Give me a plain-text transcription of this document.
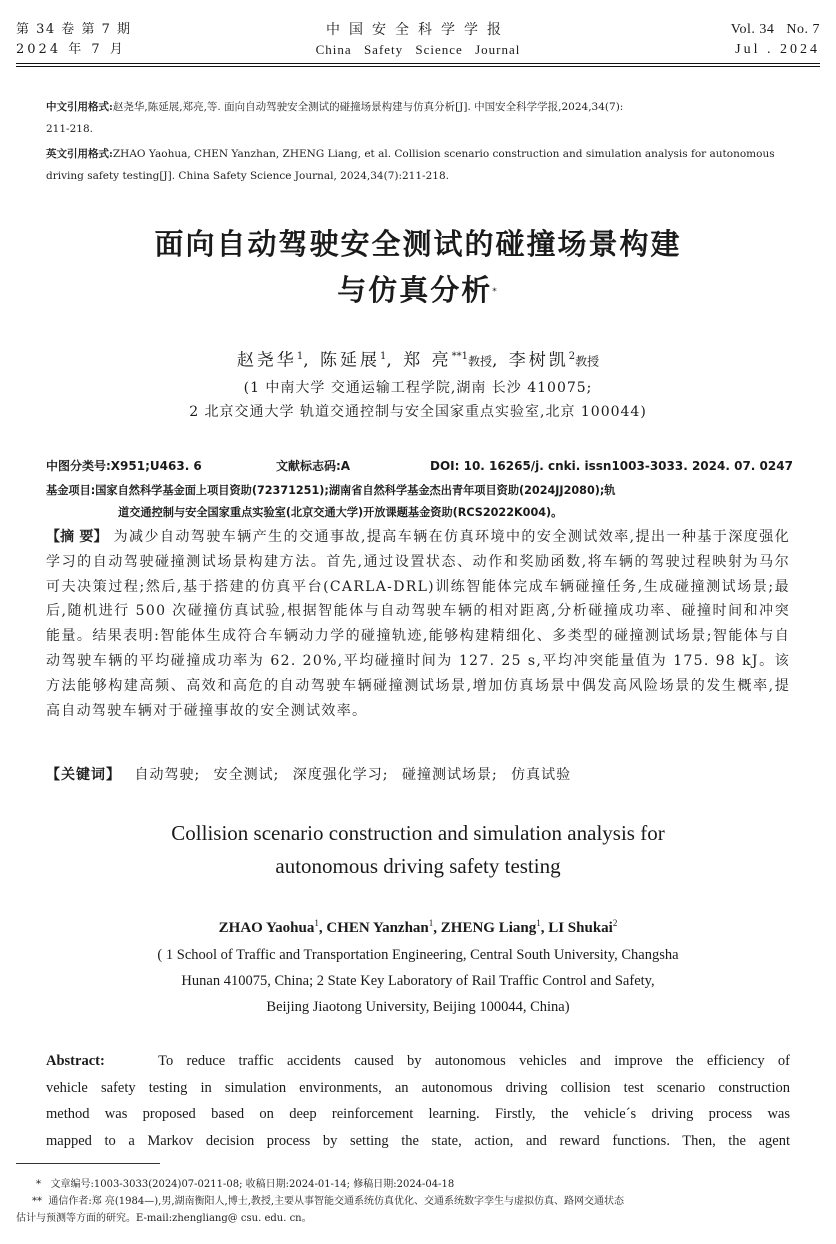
第 34 卷 第 7 期
2024 年 7 月
中国安全科学学报
China Safety Science Journal
Vol. 34   No. 7
Jul . 2024
中文引用格式:赵尧华,陈延展,郑亮,等. 面向自动驾驶安全测试的碰撞场景构建与仿真分析[J]. 中国安全科学学报,2024,34(7):
211-218.
英文引用格式:ZHAO Yaohua, CHEN Yanzhan, ZHENG Liang, et al. Collision scenario construction and simulation analysis for autonomous
driving safety testing[J]. China Safety Science Journal, 2024,34(7):211-218.
面向自动驾驶安全测试的碰撞场景构建
与仿真分析*
赵尧华$^1$, 陈延展$^1$, 郑 亮$^{**1}$教授, 李树凯$^2$教授
(1 中南大学 交通运输工程学院,湖南 长沙 410075;
2 北京交通大学 轨道交通控制与安全国家重点实验室,北京 100044)
中图分类号:X951;U463. 6	文献标志码:A	DOI: 10. 16265/j. cnki. issn1003-3033. 2024. 07. 0247
基金项目:国家自然科学基金面上项目资助(72371251);湖南省自然科学基金杰出青年项目资助(2024JJ2080);轨
道交通控制与安全国家重点实验室(北京交通大学)开放课题基金资助(RCS2022K004)。
【摘 要】 为减少自动驾驶车辆产生的交通事故,提高车辆在仿真环境中的安全测试效率,提出一种基于深度强化学习的自动驾驶碰撞测试场景构建方法。首先,通过设置状态、动作和奖励函数,将车辆的驾驶过程映射为马尔可夫决策过程;然后,基于搭建的仿真平台(CARLA-DRL)训练智能体完成车辆碰撞任务,生成碰撞测试场景;最后,随机进行 500 次碰撞仿真试验,根据智能体与自动驾驶车辆的相对距离,分析碰撞成功率、碰撞时间和冲突能量。结果表明:智能体生成符合车辆动力学的碰撞轨迹,能够构建精细化、多类型的碰撞测试场景;智能体与自动驾驶车辆的平均碰撞成功率为 62. 20%,平均碰撞时间为 127. 25 s,平均冲突能量值为 175. 98 kJ。该方法能够构建高频、高效和高危的自动驾驶车辆碰撞测试场景,增加仿真场景中偶发高风险场景的发生概率,提高自动驾驶车辆对于碰撞事故的安全测试效率。
【关键词】 自动驾驶; 安全测试; 深度强化学习; 碰撞测试场景; 仿真试验
Collision scenario construction and simulation analysis for
autonomous driving safety testing
ZHAO Yaohua$^1$, CHEN Yanzhan$^1$, ZHENG Liang$^1$, LI Shukai$^2$
( 1 School of Traffic and Transportation Engineering, Central South University, Changsha
Hunan 410075, China; 2 State Key Laboratory of Rail Traffic Control and Safety,
Beijing Jiaotong University, Beijing 100044, China)
Abstract:	To reduce traffic accidents caused by autonomous vehicles and improve the efficiency of
vehicle safety testing in simulation environments, an autonomous driving collision test scenario construction
method was proposed based on deep reinforcement learning. Firstly, the vehicle´s driving process was
mapped to a Markov decision process by setting the state, action, and reward functions. Then, the agent
* 文章编号:1003-3033(2024)07-0211-08; 收稿日期:2024-01-14; 修稿日期:2024-04-18
** 通信作者:郑 亮(1984—),男,湖南衡阳人,博士,教授,主要从事智能交通系统仿真优化、交通系统数字孪生与虚拟仿真、路网交通状态
估计与预测等方面的研究。E-mail:zhengliang@ csu. edu. cn。
